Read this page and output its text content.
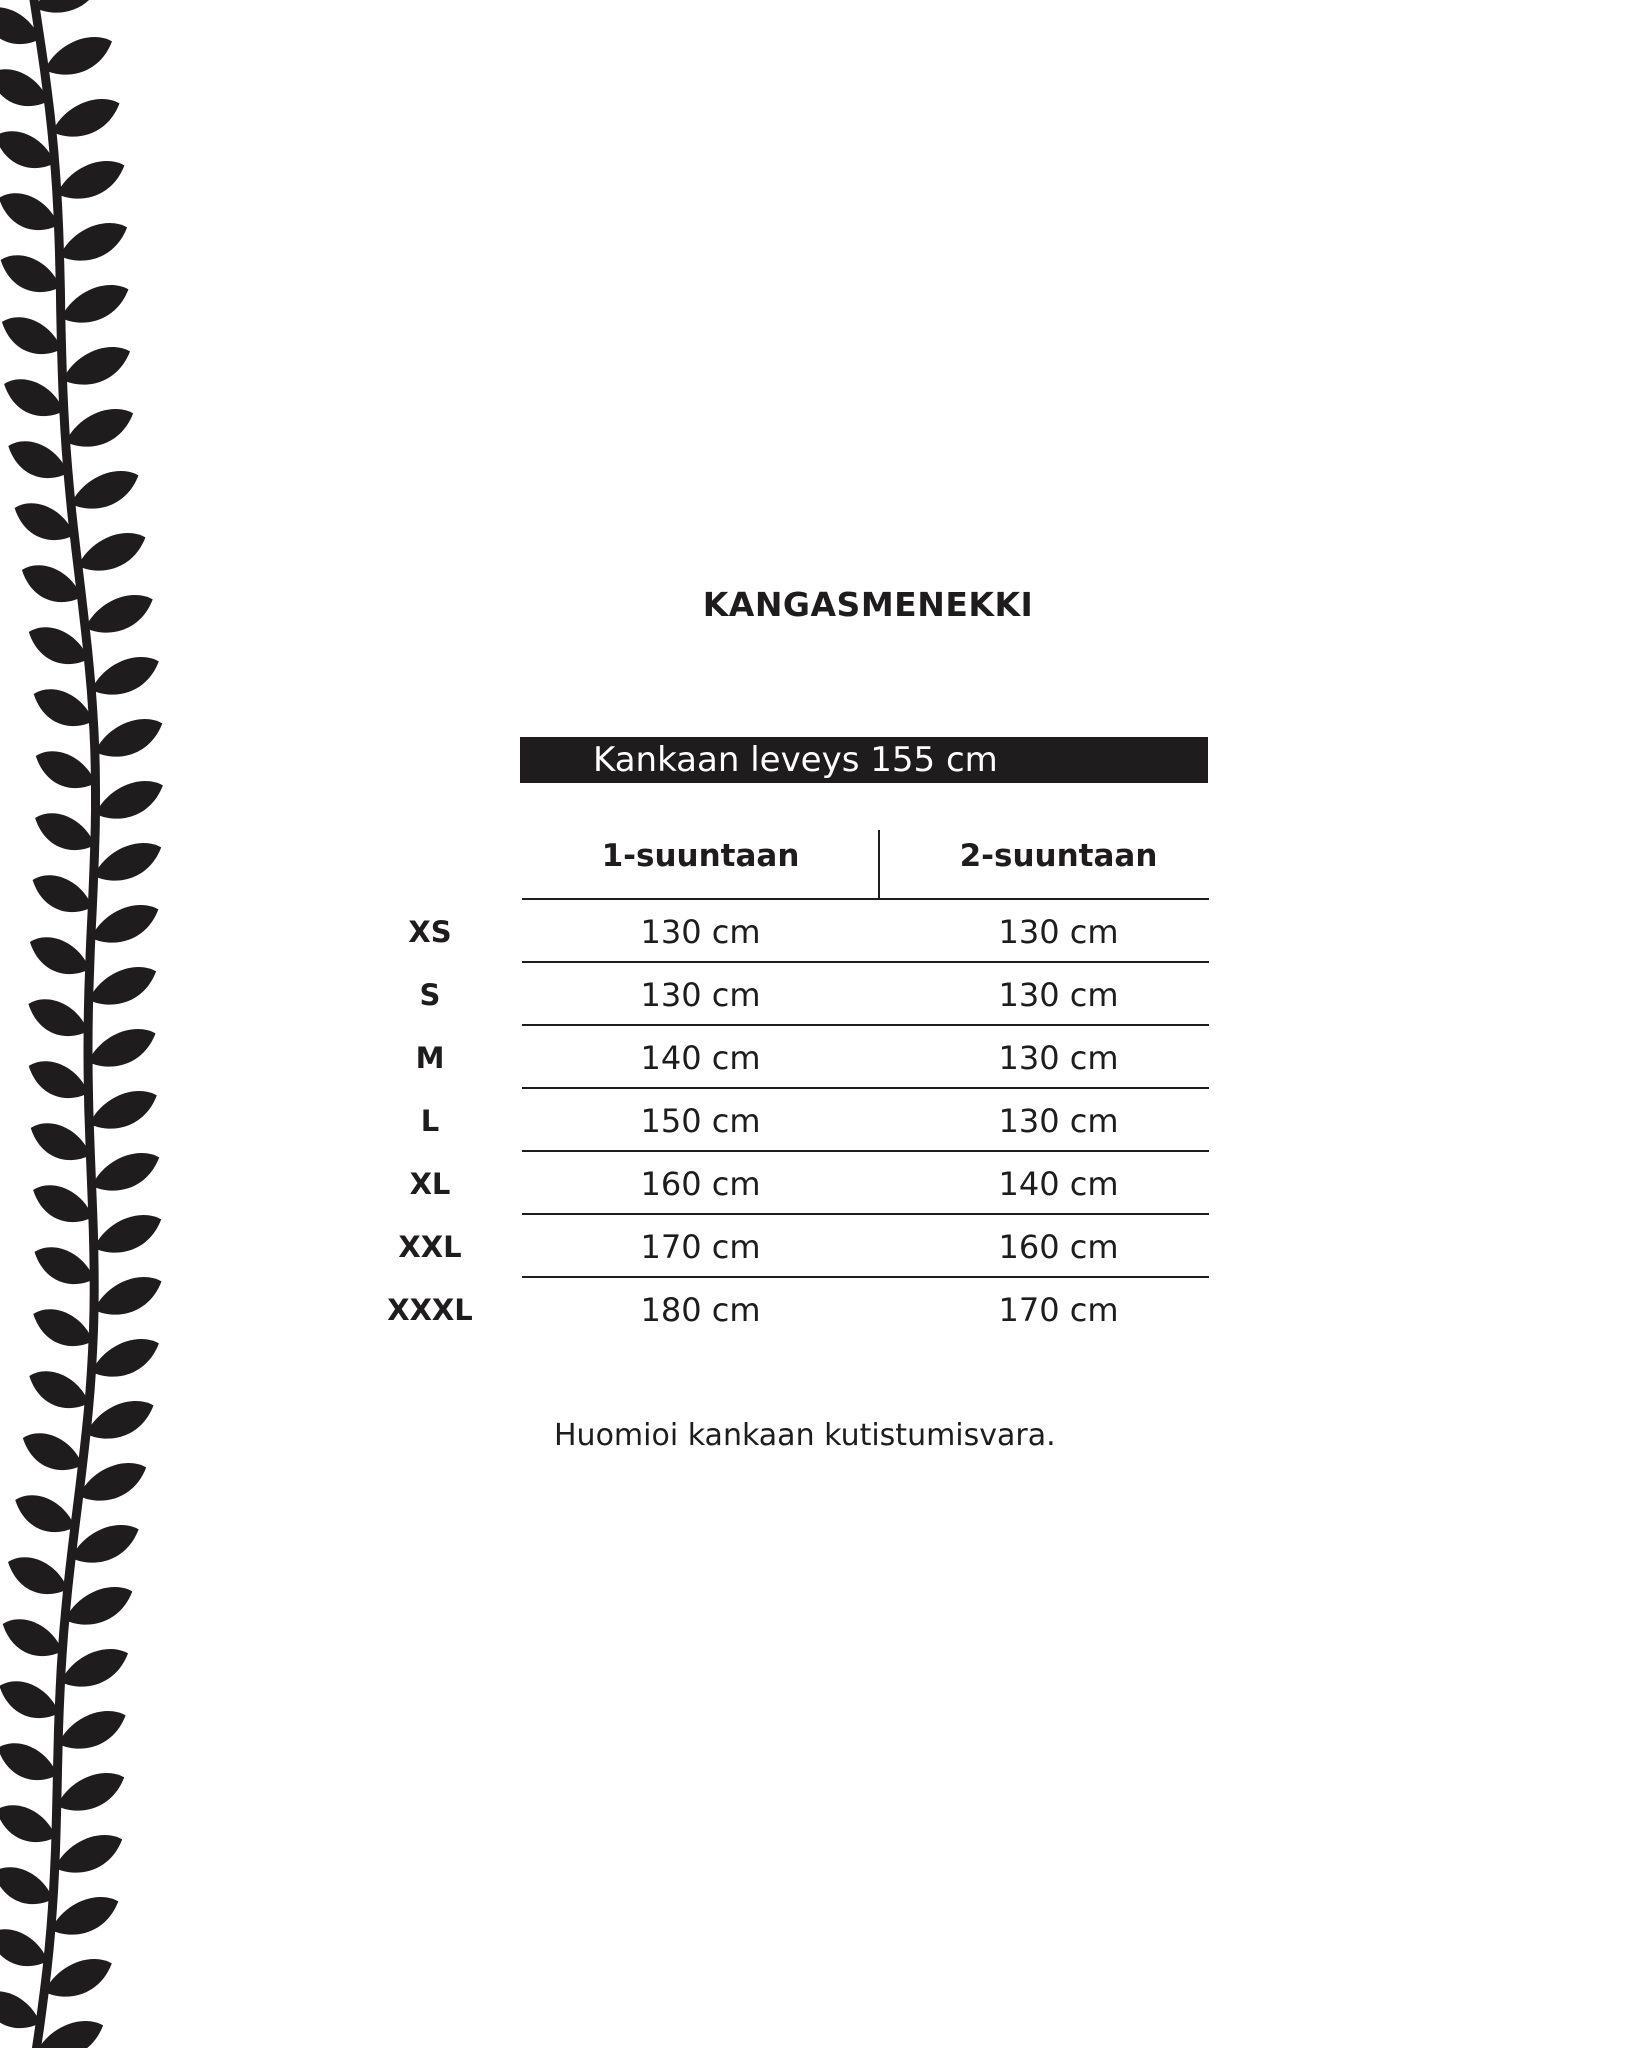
KANGASMENEKKI
Kankaan leveys 155 cm
1-suuntaan	2-suuntaan
XS	130 cm	130 cm
S	130 cm	130 cm
M	140 cm	130 cm
L	150 cm	130 cm
XL	160 cm	140 cm
XXL	170 cm	160 cm
XXXL	180 cm	170 cm
Huomioi kankaan kutistumisvara.
